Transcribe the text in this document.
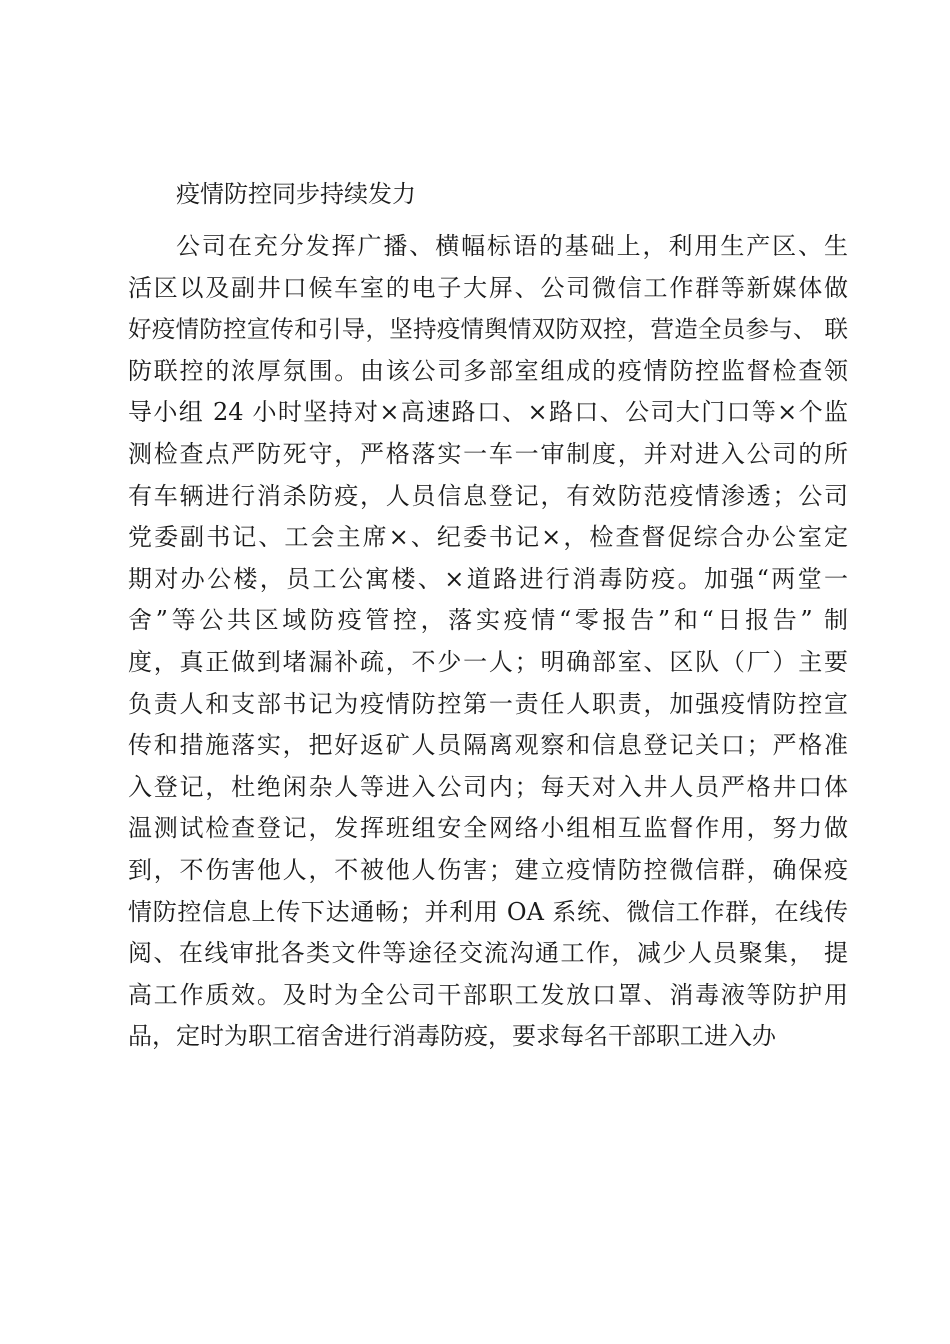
疫情防控同步持续发力
公司在充分发挥广播、横幅标语的基础上，利用生产区、生
活区以及副井口候车室的电子大屏、公司微信工作群等新媒体做
好疫情防控宣传和引导，坚持疫情舆情双防双控，营造全员参与、 联
防联控的浓厚氛围。由该公司多部室组成的疫情防控监督检查领
导小组 24 小时坚持对×高速路口、×路口、公司大门口等×个监
测检查点严防死守，严格落实一车一审制度，并对进入公司的所
有车辆进行消杀防疫，人员信息登记，有效防范疫情渗透；公司
党委副书记、工会主席×、纪委书记×，检查督促综合办公室定
期对办公楼，员工公寓楼、×道路进行消毒防疫。加强“两堂一
舍”等公共区域防疫管控，落实疫情“零报告”和“日报告” 制
度，真正做到堵漏补疏，不少一人；明确部室、区队（厂）主要
负责人和支部书记为疫情防控第一责任人职责，加强疫情防控宣
传和措施落实，把好返矿人员隔离观察和信息登记关口；严格准
入登记，杜绝闲杂人等进入公司内；每天对入井人员严格井口体
温测试检查登记，发挥班组安全网络小组相互监督作用，努力做
到，不伤害他人，不被他人伤害；建立疫情防控微信群，确保疫
情防控信息上传下达通畅；并利用 OA 系统、微信工作群，在线传
阅、在线审批各类文件等途径交流沟通工作，减少人员聚集， 提
高工作质效。及时为全公司干部职工发放口罩、消毒液等防护用
品，定时为职工宿舍进行消毒防疫，要求每名干部职工进入办
